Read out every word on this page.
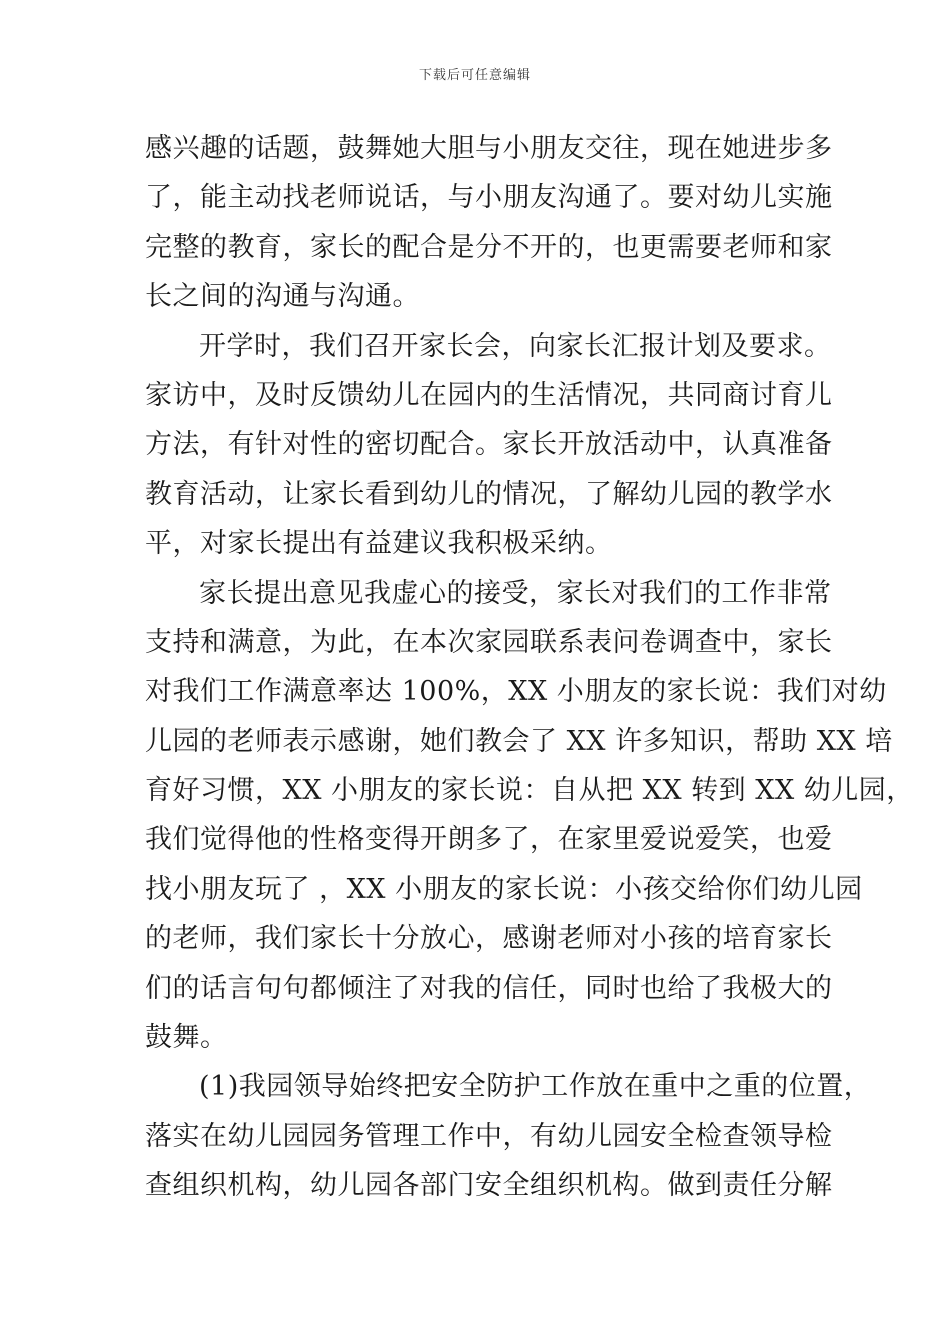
下载后可任意编辑
感兴趣的话题，鼓舞她大胆与小朋友交往，现在她进步多
了，能主动找老师说话，与小朋友沟通了。要对幼儿实施
完整的教育，家长的配合是分不开的，也更需要老师和家
长之间的沟通与沟通。
开学时，我们召开家长会，向家长汇报计划及要求。
家访中，及时反馈幼儿在园内的生活情况，共同商讨育儿
方法，有针对性的密切配合。家长开放活动中，认真准备
教育活动，让家长看到幼儿的情况，了解幼儿园的教学水
平，对家长提出有益建议我积极采纳。
家长提出意见我虚心的接受，家长对我们的工作非常
支持和满意，为此，在本次家园联系表问卷调查中，家长
对我们工作满意率达 100%，XX 小朋友的家长说：我们对幼
儿园的老师表示感谢，她们教会了 XX 许多知识，帮助 XX 培
育好习惯，XX 小朋友的家长说：自从把 XX 转到 XX 幼儿园，
我们觉得他的性格变得开朗多了，在家里爱说爱笑，也爱
找小朋友玩了 ，XX 小朋友的家长说：小孩交给你们幼儿园
的老师，我们家长十分放心，感谢老师对小孩的培育家长
们的话言句句都倾注了对我的信任，同时也给了我极大的
鼓舞。
(1)我园领导始终把安全防护工作放在重中之重的位置，
落实在幼儿园园务管理工作中，有幼儿园安全检查领导检
查组织机构，幼儿园各部门安全组织机构。做到责任分解
